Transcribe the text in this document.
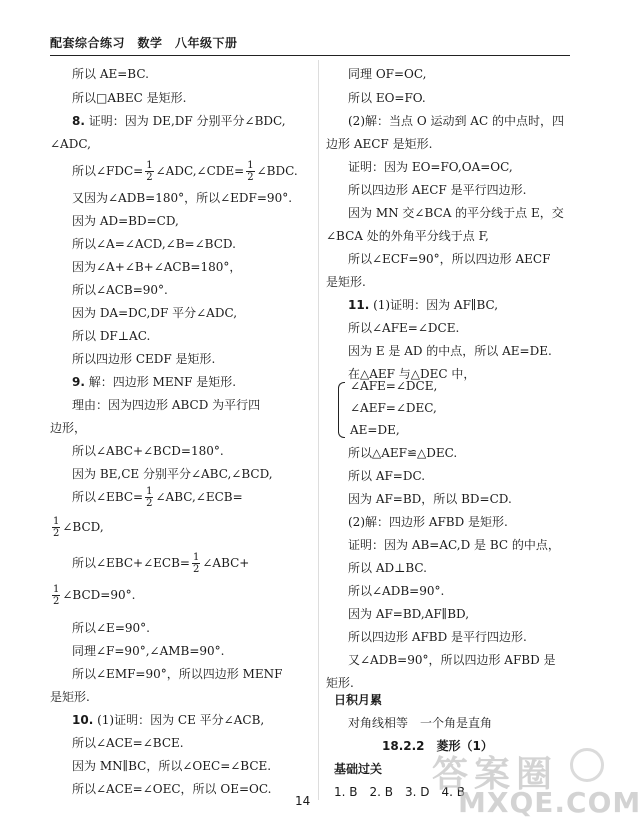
配套综合练习　数学　八年级下册
所以 AE=BC.
所以□ABEC 是矩形.
8. 证明：因为 DE,DF 分别平分∠BDC,
∠ADC,
所以∠FDC= $\frac{1}{2}$ ∠ADC,∠CDE= $\frac{1}{2}$ ∠BDC.
又因为∠ADB=180°，所以∠EDF=90°.
因为 AD=BD=CD,
所以∠A=∠ACD,∠B=∠BCD.
因为∠A+∠B+∠ACB=180°，
所以∠ACB=90°.
因为 DA=DC,DF 平分∠ADC,
所以 DF⊥AC.
所以四边形 CEDF 是矩形.
9. 解：四边形 MENF 是矩形.
理由：因为四边形 ABCD 为平行四
边形，
所以∠ABC+∠BCD=180°.
因为 BE,CE 分别平分∠ABC,∠BCD,
所以∠EBC= $\frac{1}{2}$ ∠ABC,∠ECB=
$\frac{1}{2}$ ∠BCD,
所以∠EBC+∠ECB= $\frac{1}{2}$ ∠ABC+
$\frac{1}{2}$ ∠BCD=90°.
所以∠E=90°.
同理∠F=90°,∠AMB=90°.
所以∠EMF=90°，所以四边形 MENF
是矩形.
10. (1)证明：因为 CE 平分∠ACB,
所以∠ACE=∠BCE.
因为 MN∥BC，所以∠OEC=∠BCE.
所以∠ACE=∠OEC，所以 OE=OC.
同理 OF=OC,
所以 EO=FO.
(2)解：当点 O 运动到 AC 的中点时，四
边形 AECF 是矩形.
证明：因为 EO=FO,OA=OC,
所以四边形 AECF 是平行四边形.
因为 MN 交∠BCA 的平分线于点 E，交
∠BCA 处的外角平分线于点 F,
所以∠ECF=90°，所以四边形 AECF
是矩形.
11. (1)证明：因为 AF∥BC,
所以∠AFE=∠DCE.
因为 E 是 AD 的中点，所以 AE=DE.
在△AEF 与△DEC 中，
∠AFE=∠DCE,
∠AEF=∠DEC,
AE=DE,
所以△AEF≌△DEC.
所以 AF=DC.
因为 AF=BD，所以 BD=CD.
(2)解：四边形 AFBD 是矩形.
证明：因为 AB=AC,D 是 BC 的中点，
所以 AD⊥BC.
所以∠ADB=90°.
因为 AF=BD,AF∥BD,
所以四边形 AFBD 是平行四边形.
又∠ADB=90°，所以四边形 AFBD 是
矩形.
日积月累
对角线相等　一个角是直角
18.2.2　菱形（1）
基础过关
1. B　2. B　3. D　4. B
14
答案圈
MXQE.COM
